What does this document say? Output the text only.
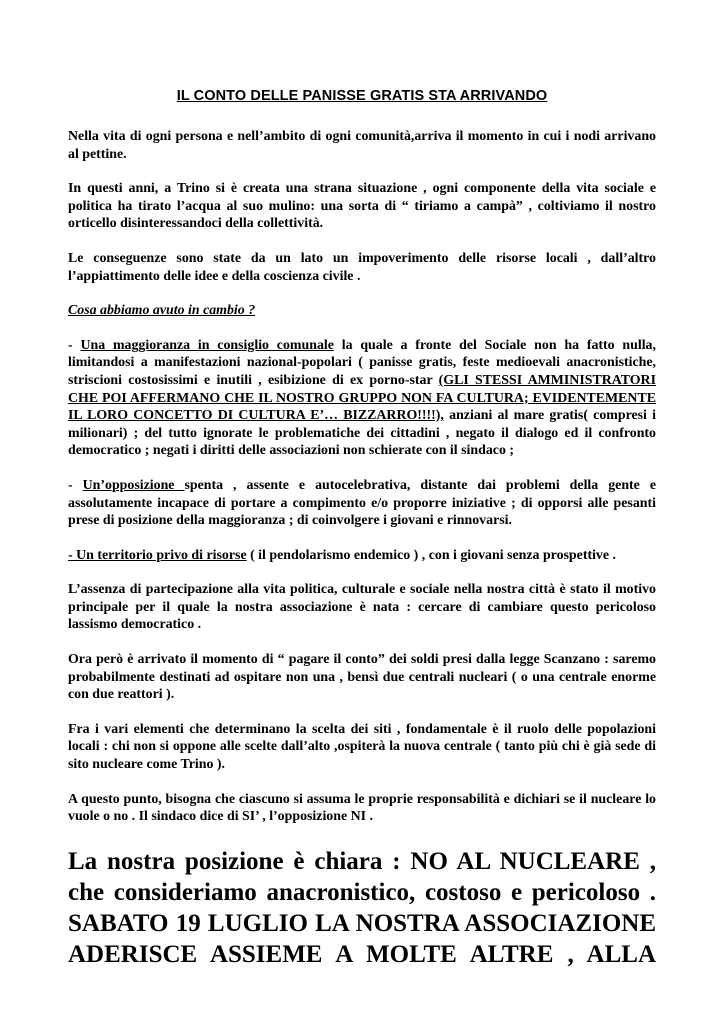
IL CONTO DELLE PANISSE GRATIS STA ARRIVANDO

Nella vita di ogni persona e nell’ambito di ogni comunità,arriva il momento in cui i nodi arrivano al pettine.

In questi anni, a Trino si è creata una strana situazione , ogni componente della vita sociale e politica ha tirato l’acqua al suo mulino: una sorta di “ tiriamo a campà” , coltiviamo il nostro orticello disinteressandoci della collettività.

Le conseguenze sono state da un lato un impoverimento delle risorse locali , dall’altro l’appiattimento delle idee e della coscienza civile .

Cosa abbiamo avuto in cambio ?

- Una maggioranza in consiglio comunale la quale a fronte del Sociale non ha fatto nulla, limitandosi a manifestazioni nazional-popolari ( panisse gratis, feste medioevali anacronistiche, striscioni costosissimi e inutili , esibizione di ex porno-star (GLI STESSI AMMINISTRATORI CHE POI AFFERMANO CHE IL NOSTRO GRUPPO NON FA CULTURA; EVIDENTEMENTE IL LORO CONCETTO DI CULTURA E’… BIZZARRO!!!!), anziani al mare gratis( compresi i milionari) ; del tutto ignorate le problematiche dei cittadini , negato il dialogo ed il confronto democratico ; negati i diritti delle associazioni non schierate con il sindaco ;

- Un’opposizione spenta , assente e autocelebrativa, distante dai problemi della gente e assolutamente incapace di portare a compimento e/o proporre iniziative ; di opporsi alle pesanti prese di posizione della maggioranza ; di coinvolgere i giovani e rinnovarsi.

- Un territorio privo di risorse ( il pendolarismo endemico ) , con i giovani senza prospettive .

L’assenza di partecipazione alla vita politica, culturale e sociale nella nostra città è stato il motivo principale per il quale la nostra associazione è nata : cercare di cambiare questo pericoloso lassismo democratico .

Ora però è arrivato il momento di “ pagare il conto” dei soldi presi dalla legge Scanzano : saremo probabilmente destinati ad ospitare non una , bensì due centrali nucleari ( o una centrale enorme con due reattori ).

Fra i vari elementi che determinano la scelta dei siti , fondamentale è il ruolo delle popolazioni locali : chi non si oppone alle scelte dall’alto ,ospiterà la nuova centrale ( tanto più chi è già sede di sito nucleare come Trino ).

A questo punto, bisogna che ciascuno si assuma le proprie responsabilità e dichiari se il nucleare lo vuole o no . Il sindaco dice di SI’ , l’opposizione NI .

La nostra posizione è chiara : NO AL NUCLEARE , che consideriamo anacronistico, costoso e pericoloso . SABATO 19 LUGLIO LA NOSTRA ASSOCIAZIONE ADERISCE ASSIEME A MOLTE ALTRE , ALLA
